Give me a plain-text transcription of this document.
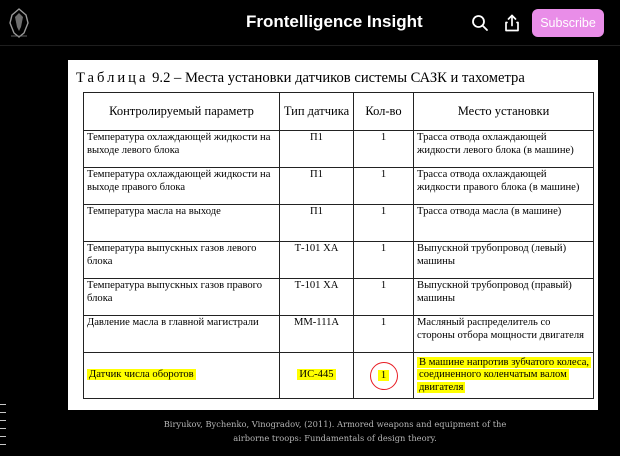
Frontelligence Insight	Subscribe
Таблица 9.2 – Места установки датчиков системы САЗК и тахометра
Контролируемый параметр	Тип датчика	Кол-во	Место установки
Температура охлаждающей жидкости на выходе левого блока	П1	1	Трасса отвода охлаждающей жидкости левого блока (в машине)
Температура охлаждающей жидкости на выходе правого блока	П1	1	Трасса отвода охлаждающей жидкости правого блока (в машине)
Температура масла на выходе	П1	1	Трасса отвода масла (в машине)
Температура выпускных газов левого блока	Т-101 ХА	1	Выпускной трубопровод (левый) машины
Температура выпускных газов правого блока	Т-101 ХА	1	Выпускной трубопровод (правый) машины
Давление масла в главной магистрали	ММ-111А	1	Масляный распределитель со стороны отбора мощности двигателя
Датчик числа оборотов	ИС-445	1	В машине напротив зубчатого колеса, соединенного коленчатым валом двигателя
Biryukov, Bychenko, Vinogradov, (2011). Armored weapons and equipment of the airborne troops: Fundamentals of design theory.
